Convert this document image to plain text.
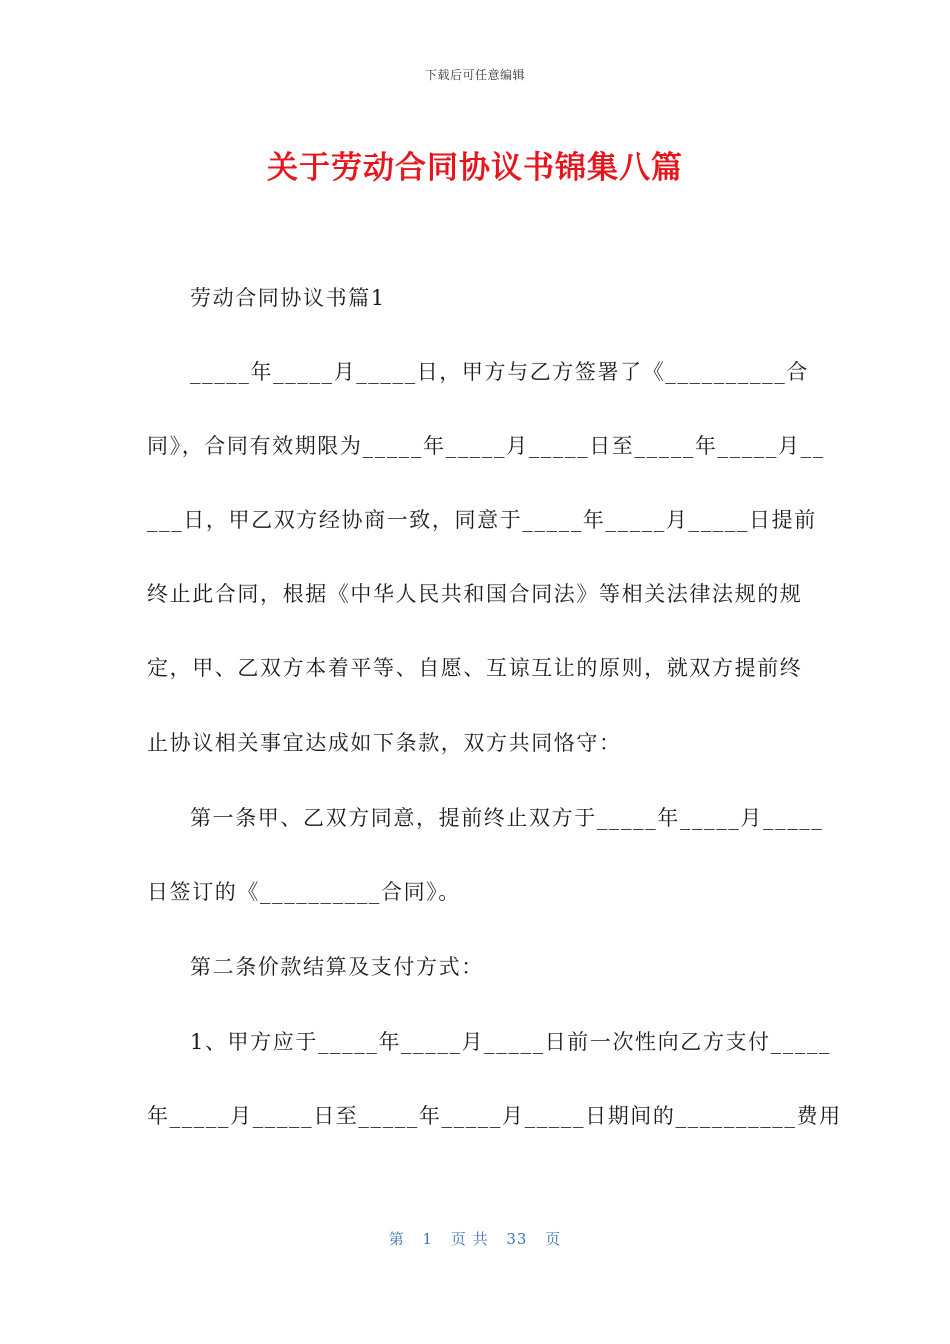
下载后可任意编辑
关于劳动合同协议书锦集八篇
劳动合同协议书篇1
_____年_____月_____日，甲方与乙方签署了《__________合
同》，合同有效期限为_____年_____月_____日至_____年_____月__
___日，甲乙双方经协商一致，同意于_____年_____月_____日提前
终止此合同，根据《中华人民共和国合同法》等相关法律法规的规
定，甲、乙双方本着平等、自愿、互谅互让的原则，就双方提前终
止协议相关事宜达成如下条款，双方共同恪守：
第一条甲、乙双方同意，提前终止双方于_____年_____月_____
日签订的《__________合同》。
第二条价款结算及支付方式：
1、甲方应于_____年_____月_____日前一次性向乙方支付_____
年_____月_____日至_____年_____月_____日期间的__________费用
第 1 页 共 33 页
